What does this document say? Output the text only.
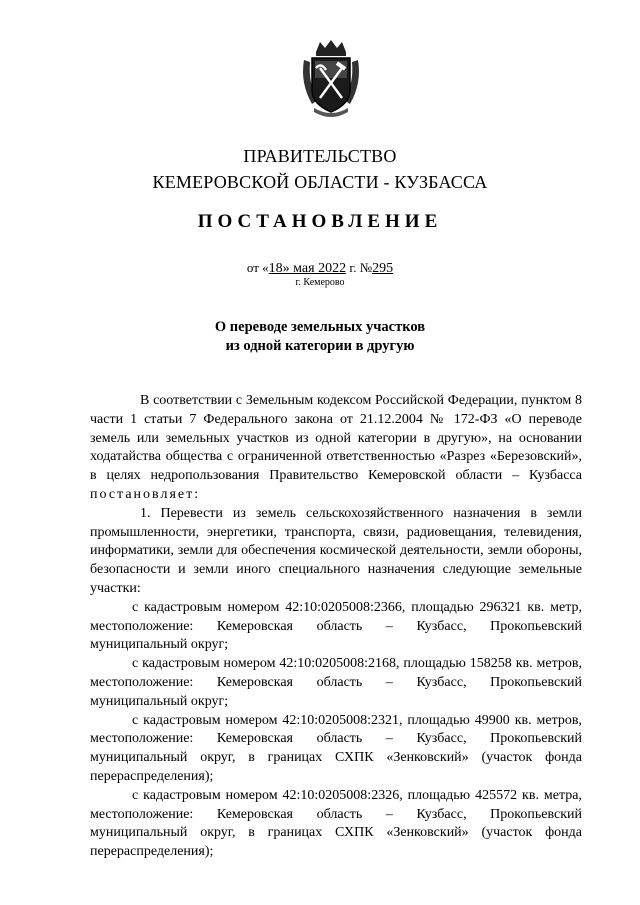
ПРАВИТЕЛЬСТВО
КЕМЕРОВСКОЙ ОБЛАСТИ - КУЗБАССА
ПОСТАНОВЛЕНИЕ
от «18» мая 2022 г. №295
г. Кемерово
О переводе земельных участков
из одной категории в другую

В соответствии с Земельным кодексом Российской Федерации, пунктом 8 части 1 статьи 7 Федерального закона от 21.12.2004 № 172-ФЗ «О переводе земель или земельных участков из одной категории в другую», на основании ходатайства общества с ограниченной ответственностью «Разрез «Березовский», в целях недропользования Правительство Кемеровской области – Кузбасса постановляет:

1. Перевести из земель сельскохозяйственного назначения в земли промышленности, энергетики, транспорта, связи, радиовещания, телевидения, информатики, земли для обеспечения космической деятельности, земли обороны, безопасности и земли иного специального назначения следующие земельные участки:

с кадастровым номером 42:10:0205008:2366, площадью 296321 кв. метр, местоположение: Кемеровская область – Кузбасс, Прокопьевский муниципальный округ;

с кадастровым номером 42:10:0205008:2168, площадью 158258 кв. метров, местоположение: Кемеровская область – Кузбасс, Прокопьевский муниципальный округ;

с кадастровым номером 42:10:0205008:2321, площадью 49900 кв. метров, местоположение: Кемеровская область – Кузбасс, Прокопьевский муниципальный округ, в границах СХПК «Зенковский» (участок фонда перераспределения);

с кадастровым номером 42:10:0205008:2326, площадью 425572 кв. метра, местоположение: Кемеровская область – Кузбасс, Прокопьевский муниципальный округ, в границах СХПК «Зенковский» (участок фонда перераспределения);
